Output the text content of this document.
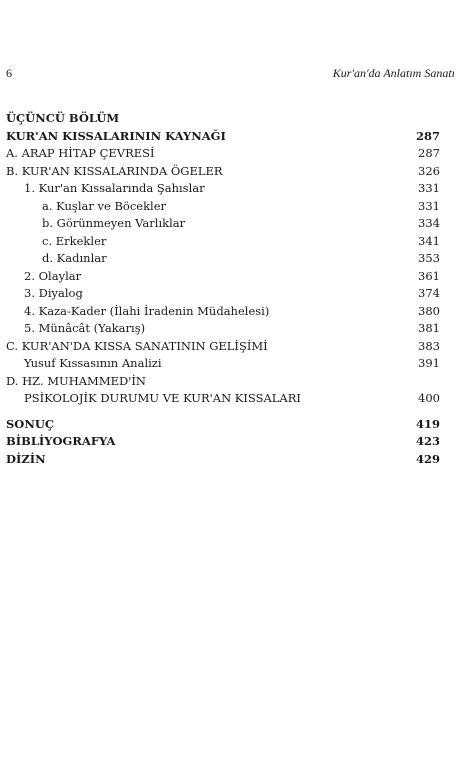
6	Kur'an'da Anlatım Sanatı
ÜÇÜNCÜ BÖLÜM
KUR'AN KISSALARININ KAYNAĞI	287
A. ARAP HİTAP ÇEVRESİ	287
B. KUR'AN KISSALARINDA ÖGELER	326
1. Kur'an Kıssalarında Şahıslar	331
a. Kuşlar ve Böcekler	331
b. Görünmeyen Varlıklar	334
c. Erkekler	341
d. Kadınlar	353
2. Olaylar	361
3. Diyalog	374
4. Kaza-Kader (İlahi İradenin Müdahelesi)	380
5. Münâcât (Yakarış)	381
C. KUR'AN'DA KISSA SANATININ GELİŞİMİ	383
Yusuf Kıssasının Analizi	391
D. HZ. MUHAMMED'İN
PSİKOLOJİK DURUMU VE KUR'AN KISSALARI	400
SONUÇ	419
BİBLİYOGRAFYA	423
DİZİN	429
